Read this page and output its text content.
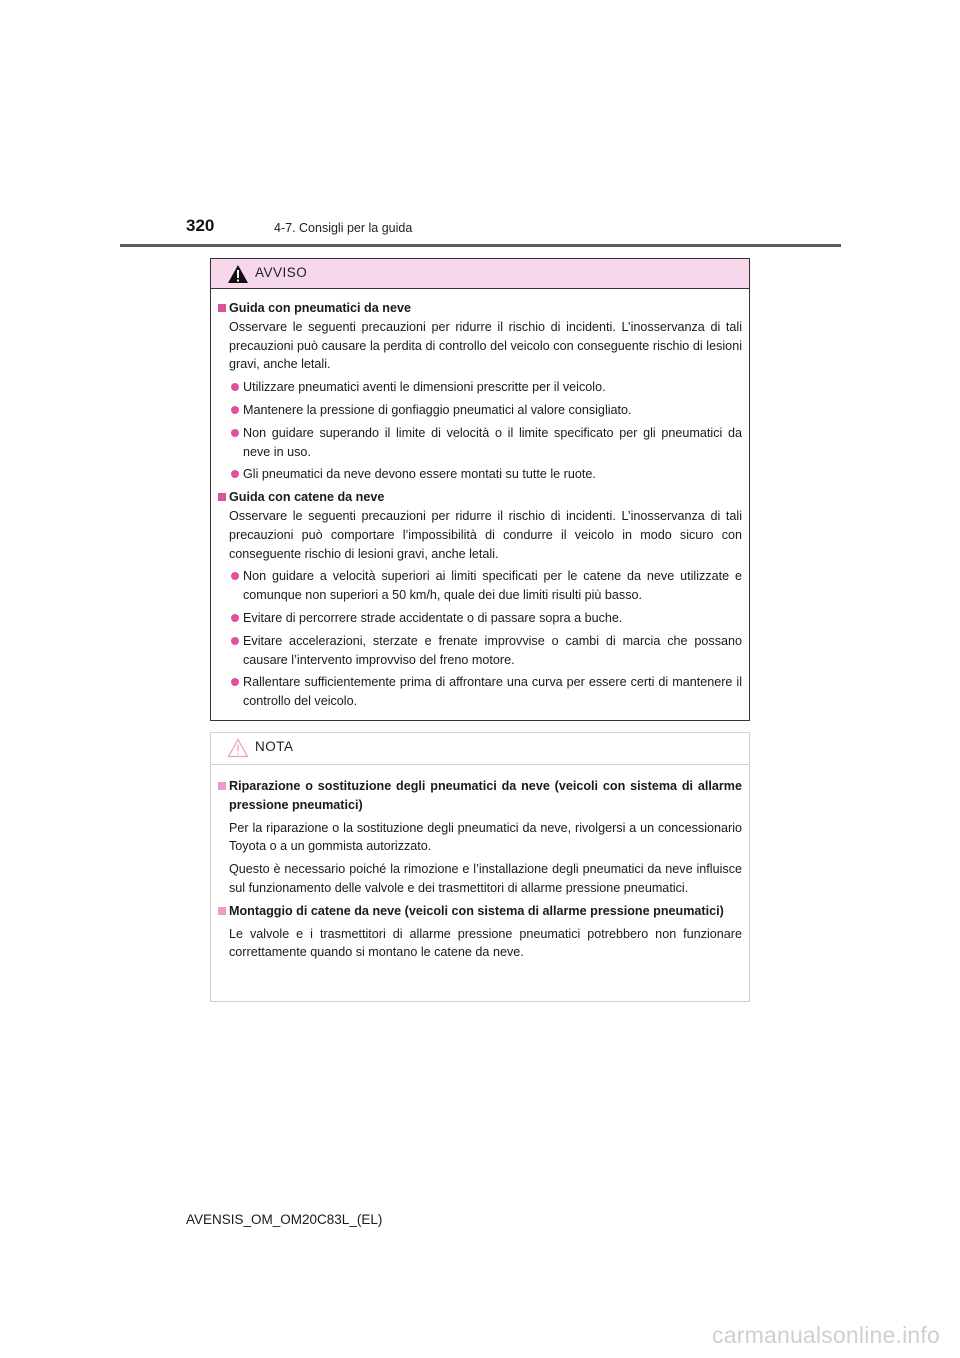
320	4-7. Consigli per la guida
AVVISO

Guida con pneumatici da neve

Osservare le seguenti precauzioni per ridurre il rischio di incidenti. L’inosservanza di tali precauzioni può causare la perdita di controllo del veicolo con conseguente rischio di lesioni gravi, anche letali.

Utilizzare pneumatici aventi le dimensioni prescritte per il veicolo.

Mantenere la pressione di gonfiaggio pneumatici al valore consigliato.

Non guidare superando il limite di velocità o il limite specificato per gli pneumatici da neve in uso.

Gli pneumatici da neve devono essere montati su tutte le ruote.

Guida con catene da neve

Osservare le seguenti precauzioni per ridurre il rischio di incidenti. L’inosservanza di tali precauzioni può comportare l’impossibilità di condurre il veicolo in modo sicuro con conseguente rischio di lesioni gravi, anche letali.

Non guidare a velocità superiori ai limiti specificati per le catene da neve utilizzate e comunque non superiori a 50 km/h, quale dei due limiti risulti più basso.

Evitare di percorrere strade accidentate o di passare sopra a buche.

Evitare accelerazioni, sterzate e frenate improvvise o cambi di marcia che possano causare l’intervento improvviso del freno motore.

Rallentare sufficientemente prima di affrontare una curva per essere certi di mantenere il controllo del veicolo.

NOTA

Riparazione o sostituzione degli pneumatici da neve (veicoli con sistema di allarme pressione pneumatici)

Per la riparazione o la sostituzione degli pneumatici da neve, rivolgersi a un concessionario Toyota o a un gommista autorizzato.

Questo è necessario poiché la rimozione e l’installazione degli pneumatici da neve influisce sul funzionamento delle valvole e dei trasmettitori di allarme pressione pneumatici.

Montaggio di catene da neve (veicoli con sistema di allarme pressione pneumatici)

Le valvole e i trasmettitori di allarme pressione pneumatici potrebbero non funzionare correttamente quando si montano le catene da neve.

AVENSIS_OM_OM20C83L_(EL)
carmanualsonline.info
